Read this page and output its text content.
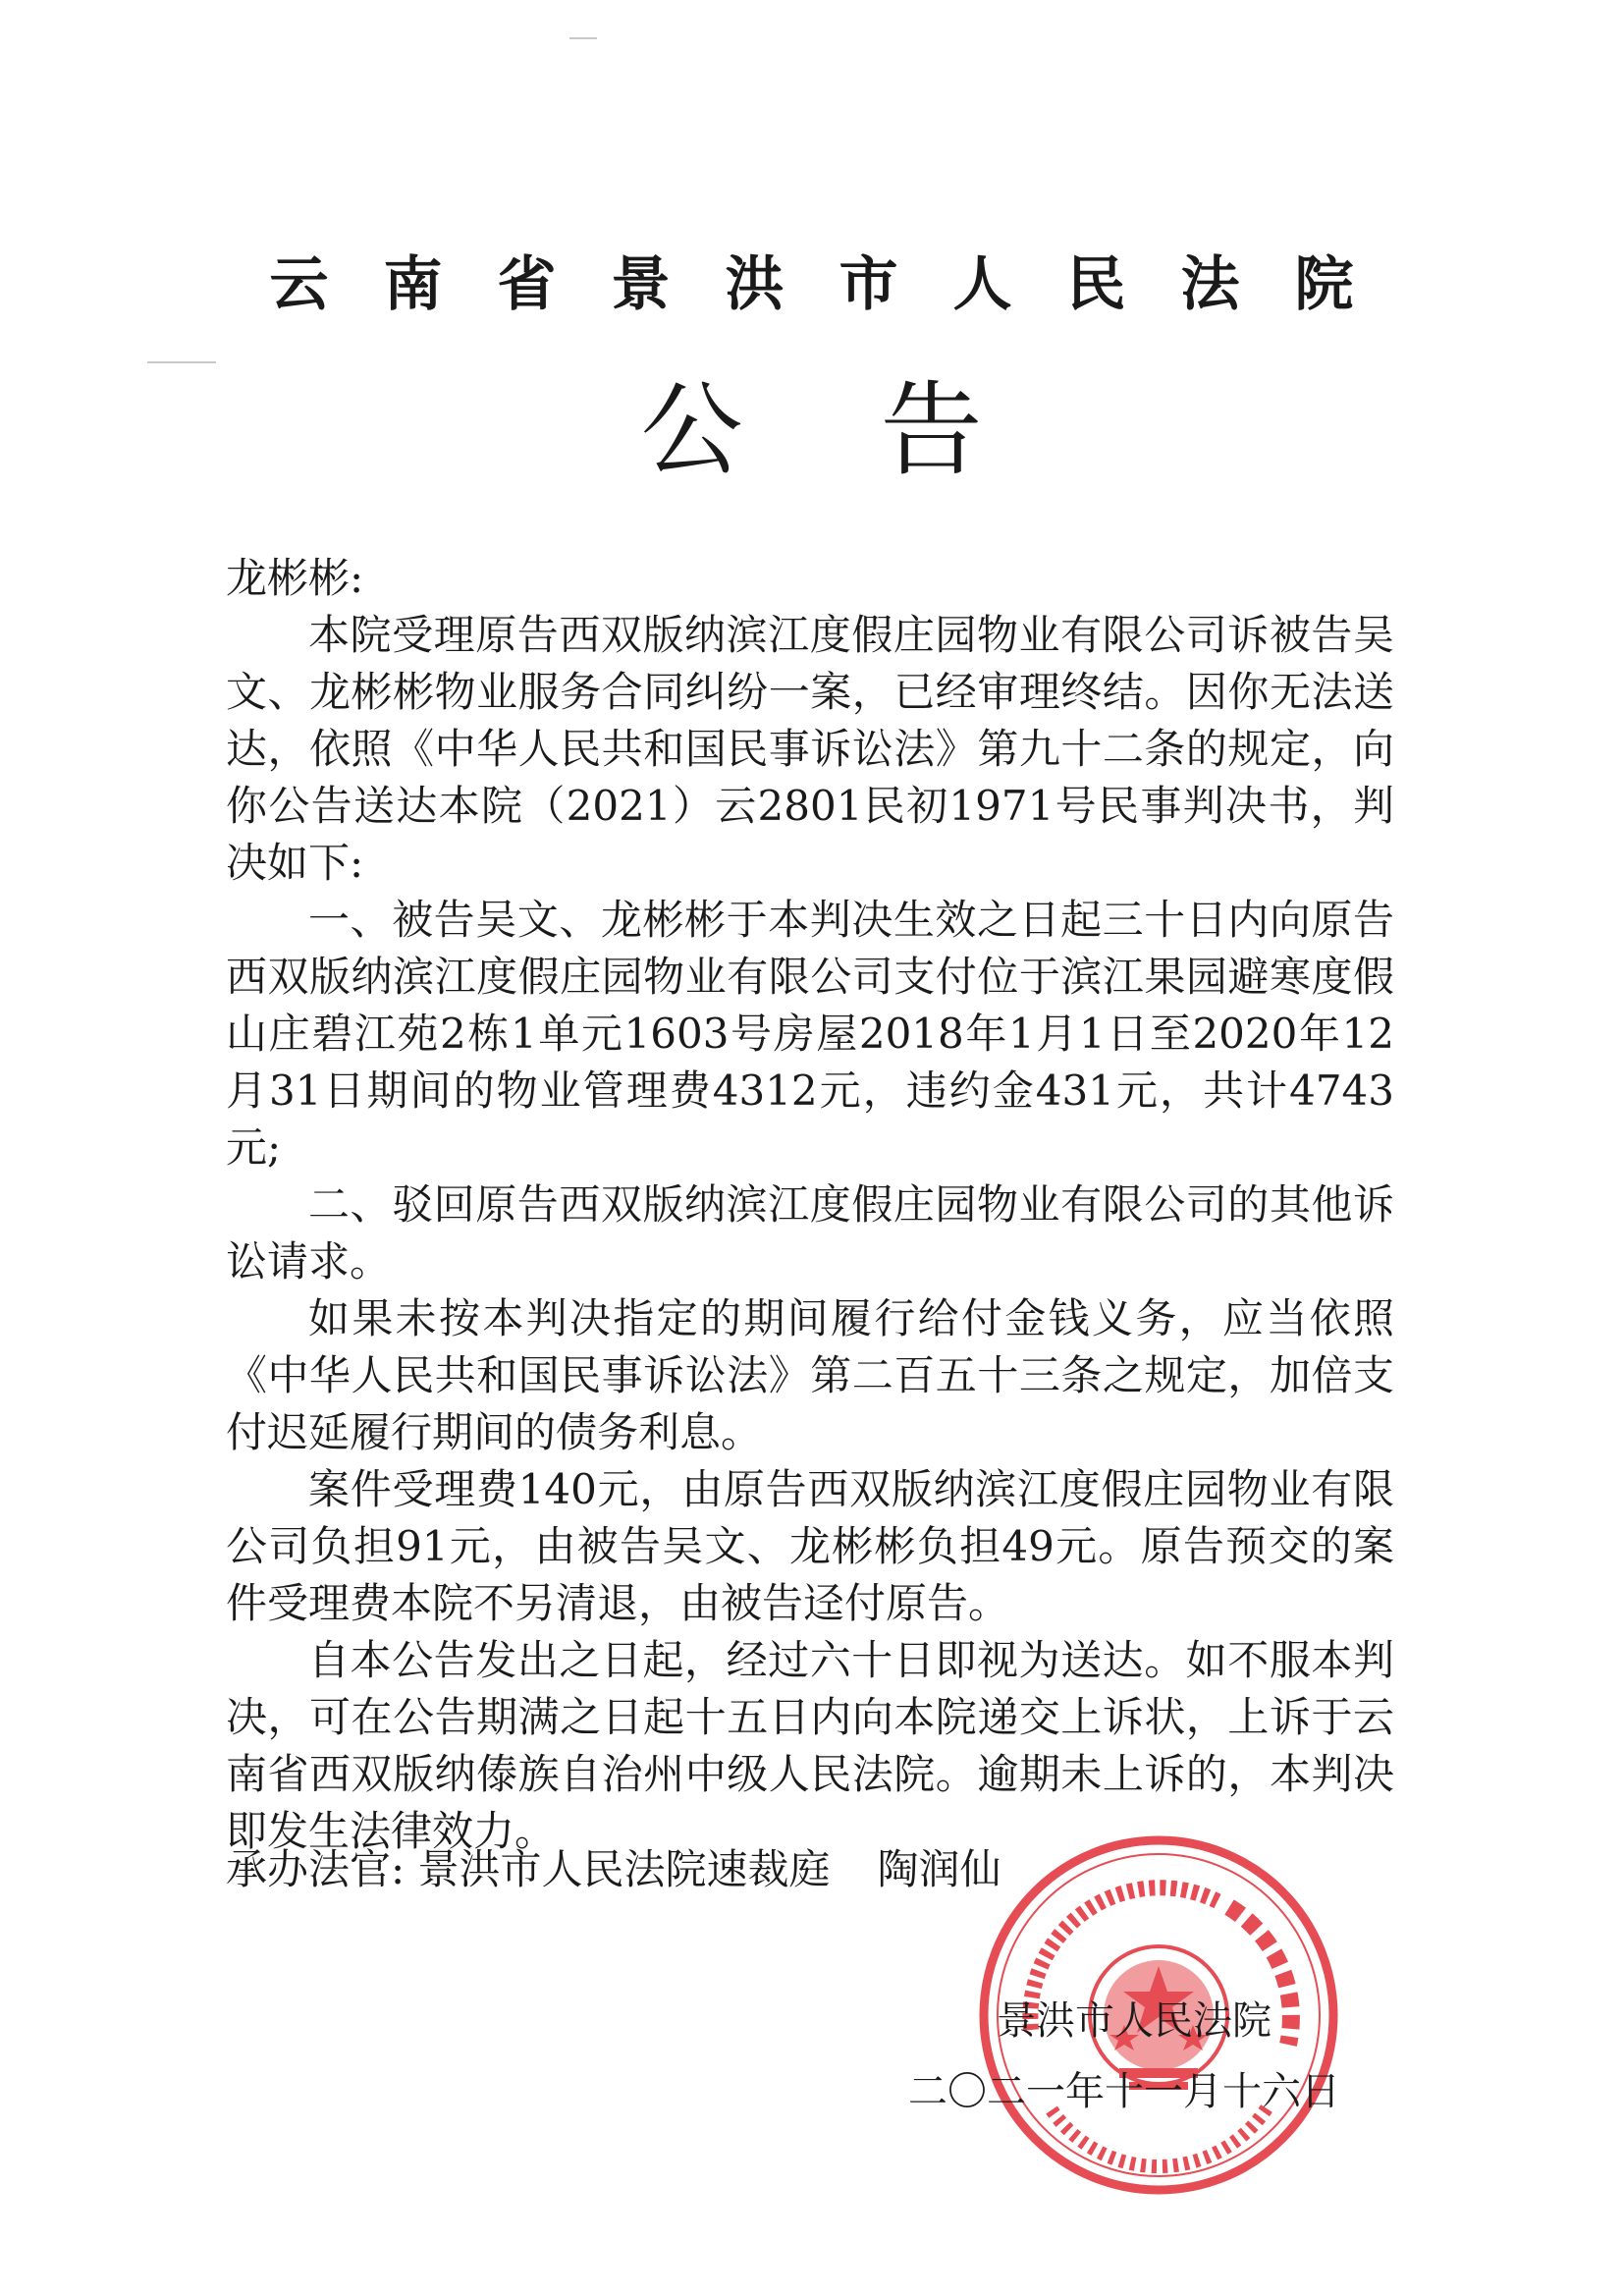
云南省景洪市人民法院
公告

龙彬彬:

本院受理原告西双版纳滨江度假庄园物业有限公司诉被告吴文、龙彬彬物业服务合同纠纷一案，已经审理终结。因你无法送达，依照《中华人民共和国民事诉讼法》第九十二条的规定，向你公告送达本院（2021）云2801民初1971号民事判决书，判决如下:

一、被告吴文、龙彬彬于本判决生效之日起三十日内向原告西双版纳滨江度假庄园物业有限公司支付位于滨江果园避寒度假山庄碧江苑2栋1单元1603号房屋2018年1月1日至2020年12月31日期间的物业管理费4312元，违约金431元，共计4743元;

二、驳回原告西双版纳滨江度假庄园物业有限公司的其他诉讼请求。

如果未按本判决指定的期间履行给付金钱义务，应当依照《中华人民共和国民事诉讼法》第二百五十三条之规定，加倍支付迟延履行期间的债务利息。

案件受理费140元，由原告西双版纳滨江度假庄园物业有限公司负担91元，由被告吴文、龙彬彬负担49元。原告预交的案件受理费本院不另清退，由被告迳付原告。

自本公告发出之日起，经过六十日即视为送达。如不服本判决，可在公告期满之日起十五日内向本院递交上诉状，上诉于云南省西双版纳傣族自治州中级人民法院。逾期未上诉的，本判决即发生法律效力。

承办法官: 景洪市人民法院速裁庭 陶润仙
景洪市人民法院
二〇二一年十一月十六日
